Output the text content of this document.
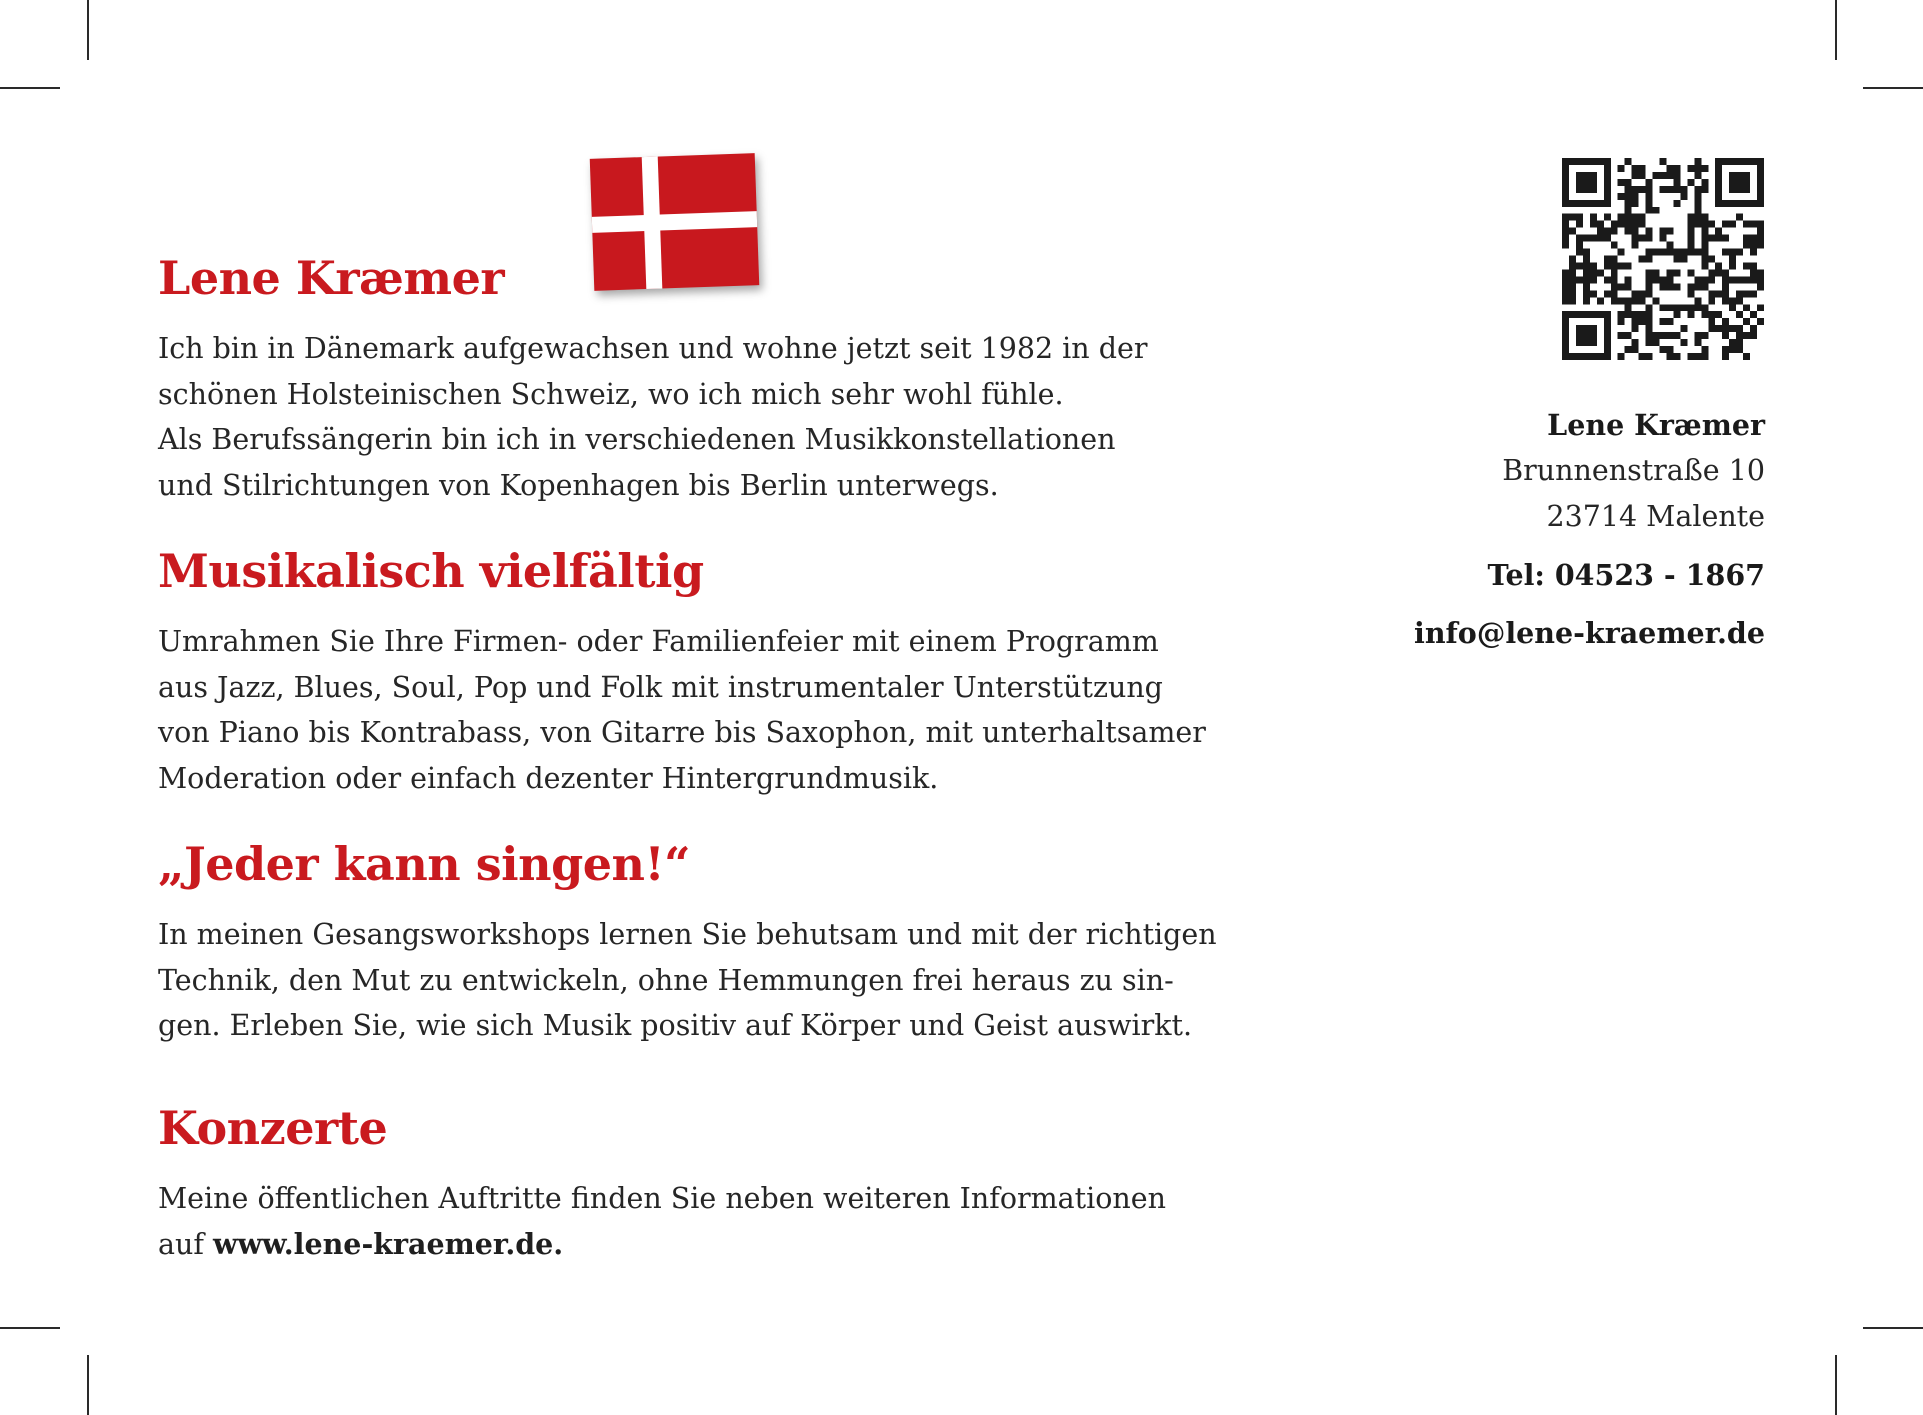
Lene Kræmer

Ich bin in Dänemark aufgewachsen und wohne jetzt seit 1982 in der
schönen Holsteinischen Schweiz, wo ich mich sehr wohl fühle.
Als Berufssängerin bin ich in verschiedenen Musikkonstellationen
und Stilrichtungen von Kopenhagen bis Berlin unterwegs.

Musikalisch vielfältig

Umrahmen Sie Ihre Firmen- oder Familienfeier mit einem Programm
aus Jazz, Blues, Soul, Pop und Folk mit instrumentaler Unterstützung
von Piano bis Kontrabass, von Gitarre bis Saxophon, mit unterhaltsamer
Moderation oder einfach dezenter Hintergrundmusik.

„Jeder kann singen!“

In meinen Gesangsworkshops lernen Sie behutsam und mit der richtigen
Technik, den Mut zu entwickeln, ohne Hemmungen frei heraus zu sin-
gen. Erleben Sie, wie sich Musik positiv auf Körper und Geist auswirkt.

Konzerte

Meine öffentlichen Auftritte finden Sie neben weiteren Informationen
auf www.lene-kraemer.de.

Lene Kræmer
Brunnenstraße 10
23714 Malente
Tel: 04523 - 1867
info@lene-kraemer.de
